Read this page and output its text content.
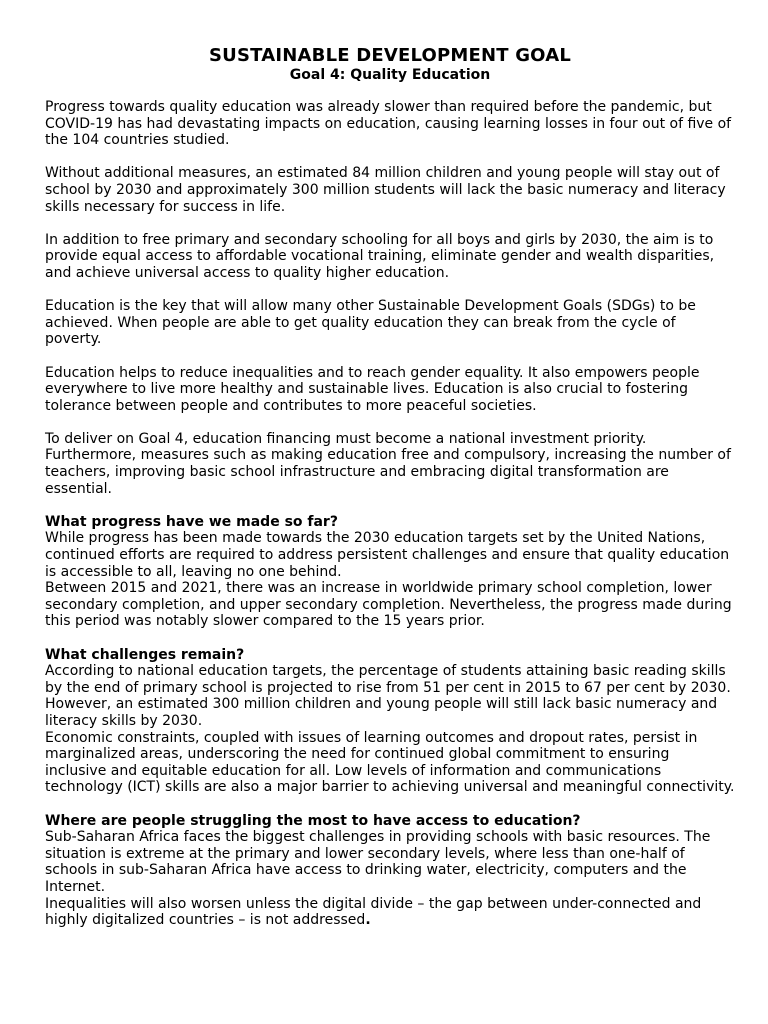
SUSTAINABLE DEVELOPMENT GOAL
Goal 4: Quality Education

Progress towards quality education was already slower than required before the pandemic, but COVID-19 has had devastating impacts on education, causing learning losses in four out of five of the 104 countries studied.

Without additional measures, an estimated 84 million children and young people will stay out of school by 2030 and approximately 300 million students will lack the basic numeracy and literacy skills necessary for success in life.

In addition to free primary and secondary schooling for all boys and girls by 2030, the aim is to provide equal access to affordable vocational training, eliminate gender and wealth disparities, and achieve universal access to quality higher education.

Education is the key that will allow many other Sustainable Development Goals (SDGs) to be achieved. When people are able to get quality education they can break from the cycle of poverty.

Education helps to reduce inequalities and to reach gender equality. It also empowers people everywhere to live more healthy and sustainable lives. Education is also crucial to fostering tolerance between people and contributes to more peaceful societies.

To deliver on Goal 4, education financing must become a national investment priority. Furthermore, measures such as making education free and compulsory, increasing the number of teachers, improving basic school infrastructure and embracing digital transformation are essential.

What progress have we made so far?

While progress has been made towards the 2030 education targets set by the United Nations, continued efforts are required to address persistent challenges and ensure that quality education is accessible to all, leaving no one behind.

Between 2015 and 2021, there was an increase in worldwide primary school completion, lower secondary completion, and upper secondary completion. Nevertheless, the progress made during this period was notably slower compared to the 15 years prior.

What challenges remain?

According to national education targets, the percentage of students attaining basic reading skills by the end of primary school is projected to rise from 51 per cent in 2015 to 67 per cent by 2030. However, an estimated 300 million children and young people will still lack basic numeracy and literacy skills by 2030.

Economic constraints, coupled with issues of learning outcomes and dropout rates, persist in marginalized areas, underscoring the need for continued global commitment to ensuring inclusive and equitable education for all. Low levels of information and communications technology (ICT) skills are also a major barrier to achieving universal and meaningful connectivity.

Where are people struggling the most to have access to education?

Sub-Saharan Africa faces the biggest challenges in providing schools with basic resources. The situation is extreme at the primary and lower secondary levels, where less than one-half of schools in sub-Saharan Africa have access to drinking water, electricity, computers and the Internet.

Inequalities will also worsen unless the digital divide – the gap between under-connected and highly digitalized countries – is not addressed.
